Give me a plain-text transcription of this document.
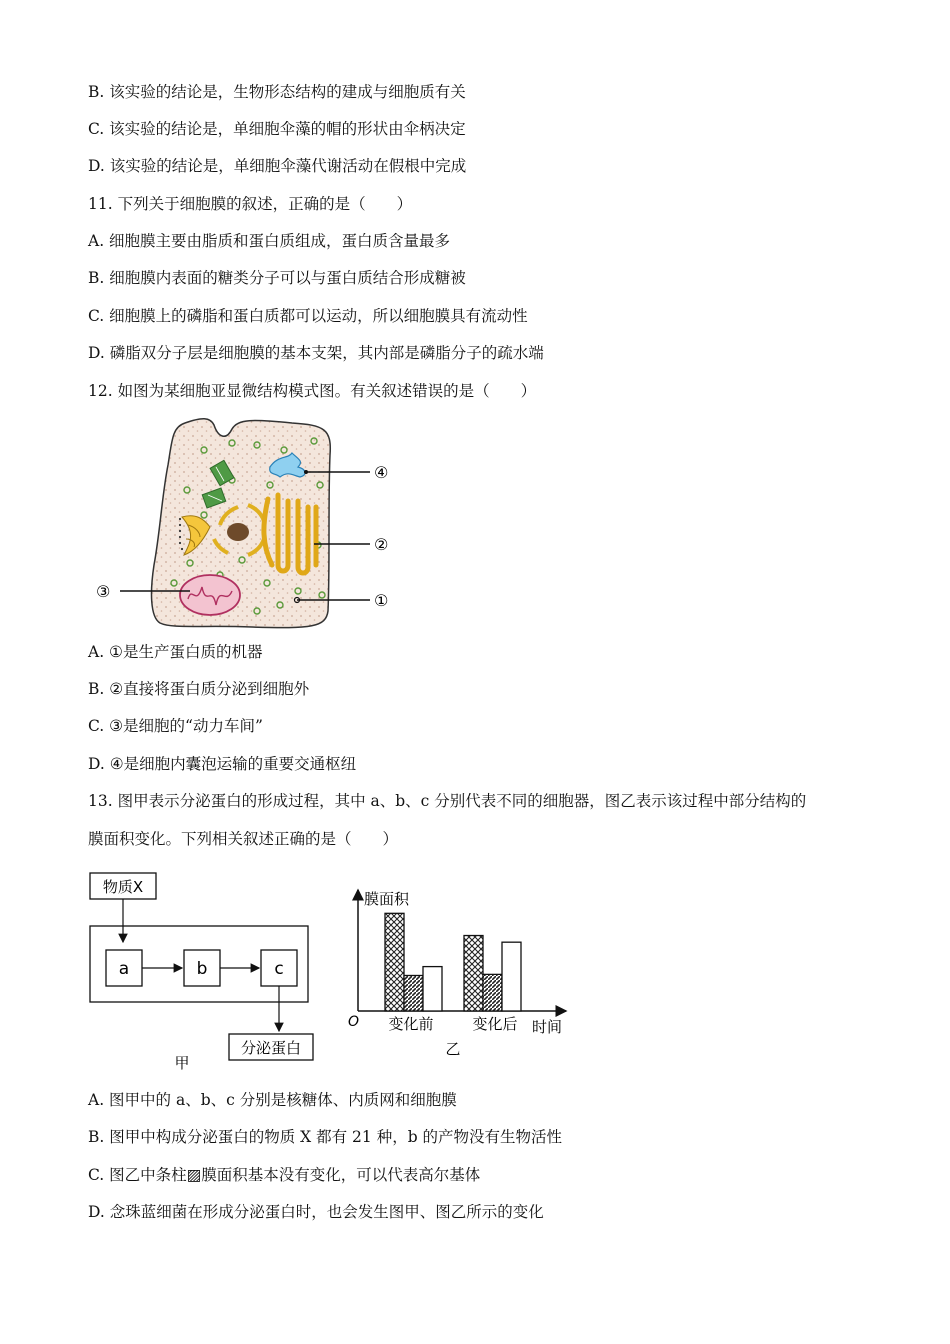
B. 该实验的结论是，生物形态结构的建成与细胞质有关
C. 该实验的结论是，单细胞伞藻的帽的形状由伞柄决定
D. 该实验的结论是，单细胞伞藻代谢活动在假根中完成
11. 下列关于细胞膜的叙述，正确的是（　　）
A. 细胞膜主要由脂质和蛋白质组成，蛋白质含量最多
B. 细胞膜内表面的糖类分子可以与蛋白质结合形成糖被
C. 细胞膜上的磷脂和蛋白质都可以运动，所以细胞膜具有流动性
D. 磷脂双分子层是细胞膜的基本支架，其内部是磷脂分子的疏水端
12. 如图为某细胞亚显微结构模式图。有关叙述错误的是（　　）
④
②
③	①
A. ①是生产蛋白质的机器
B. ②直接将蛋白质分泌到细胞外
C. ③是细胞的“动力车间”
D. ④是细胞内囊泡运输的重要交通枢纽
13. 图甲表示分泌蛋白的形成过程，其中 a、b、c 分别代表不同的细胞器，图乙表示该过程中部分结构的
膜面积变化。下列相关叙述正确的是（　　）
物质X
a	b	c
分泌蛋白
甲
膜面积
O	时间
变化前	变化后
乙
A. 图甲中的 a、b、c 分别是核糖体、内质网和细胞膜
B. 图甲中构成分泌蛋白的物质 X 都有 21 种，b 的产物没有生物活性
C. 图乙中条柱▨膜面积基本没有变化，可以代表高尔基体
D. 念珠蓝细菌在形成分泌蛋白时，也会发生图甲、图乙所示的变化
